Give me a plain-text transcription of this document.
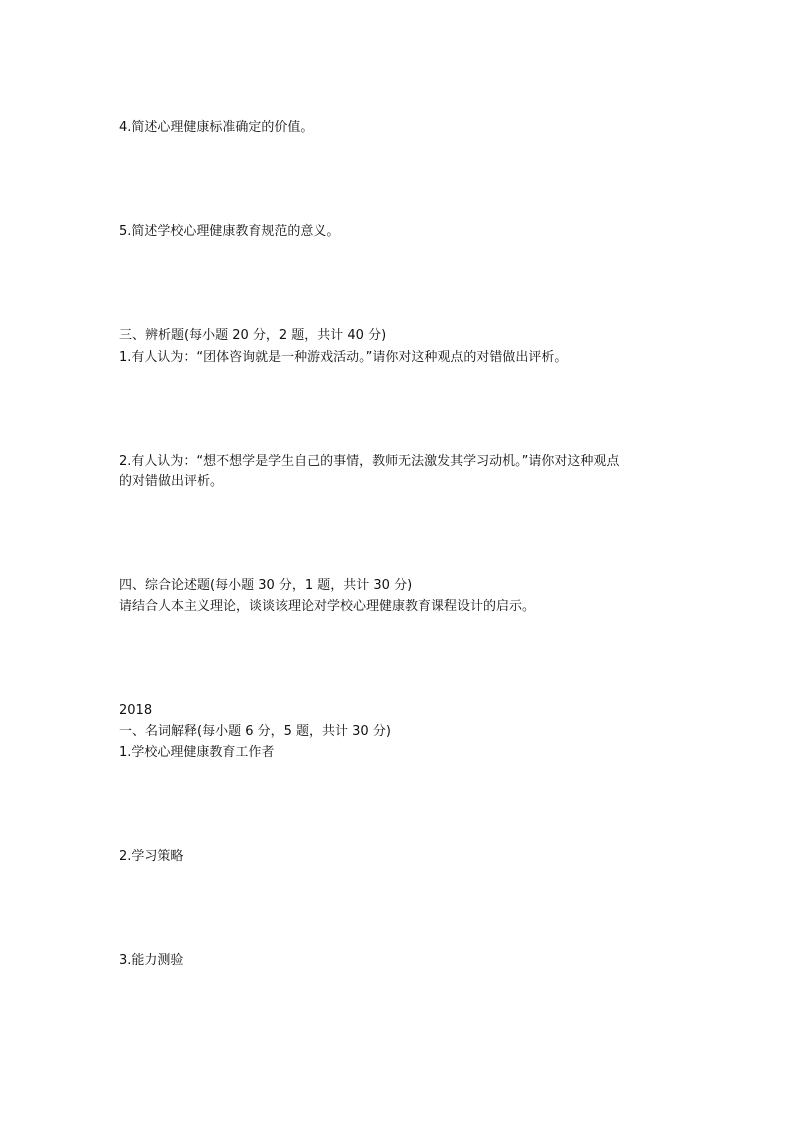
4.简述心理健康标准确定的价值。
5.简述学校心理健康教育规范的意义。
三、辨析题(每小题 20 分，2 题，共计 40 分)
1.有人认为：“团体咨询就是一种游戏活动。”请你对这种观点的对错做出评析。
2.有人认为：“想不想学是学生自己的事情，教师无法激发其学习动机。”请你对这种观点
的对错做出评析。
四、综合论述题(每小题 30 分，1 题，共计 30 分)
请结合人本主义理论，谈谈该理论对学校心理健康教育课程设计的启示。
2018
一、名词解释(每小题 6 分，5 题，共计 30 分)
1.学校心理健康教育工作者
2.学习策略
3.能力测验
